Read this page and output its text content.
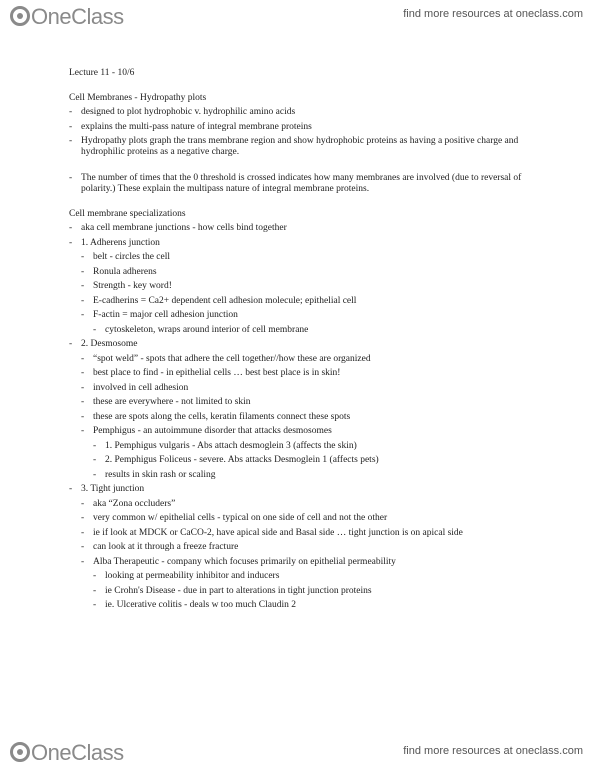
OneClass	find more resources at oneclass.com

Lecture 11 - 10/6

Cell Membranes - Hydropathy plots

- designed to plot hydrophobic v. hydrophilic amino acids
- explains the multi-pass nature of integral membrane proteins
- Hydropathy plots graph the trans membrane region and show hydrophobic proteins as having a positive charge and hydrophilic proteins as a negative charge.
- The number of times that the 0 threshold is crossed indicates how many membranes are involved (due to reversal of polarity.) These explain the multipass nature of integral membrane proteins.

Cell membrane specializations

- aka cell membrane junctions - how cells bind together
- 1. Adherens junction
- belt - circles the cell
- Ronula adherens
- Strength - key word!
- E-cadherins = Ca2+ dependent cell adhesion molecule; epithelial cell
- F-actin = major cell adhesion junction
- cytoskeleton, wraps around interior of cell membrane
- 2. Desmosome
- “spot weld” - spots that adhere the cell together//how these are organized
- best place to find - in epithelial cells … best best place is in skin!
- involved in cell adhesion
- these are everywhere - not limited to skin
- these are spots along the cells, keratin filaments connect these spots
- Pemphigus - an autoimmune disorder that attacks desmosomes
- 1. Pemphigus vulgaris - Abs attach desmoglein 3 (affects the skin)
- 2. Pemphigus Foliceus - severe. Abs attacks Desmoglein 1 (affects pets)
- results in skin rash or scaling
- 3. Tight junction
- aka “Zona occluders”
- very common w/ epithelial cells - typical on one side of cell and not the other
- ie if look at MDCK or CaCO-2, have apical side and Basal side … tight junction is on apical side
- can look at it through a freeze fracture
- Alba Therapeutic - company which focuses primarily on epithelial permeability
- looking at permeability inhibitor and inducers
- ie Crohn's Disease - due in part to alterations in tight junction proteins
- ie. Ulcerative colitis - deals w too much Claudin 2
OneClass	find more resources at oneclass.com
